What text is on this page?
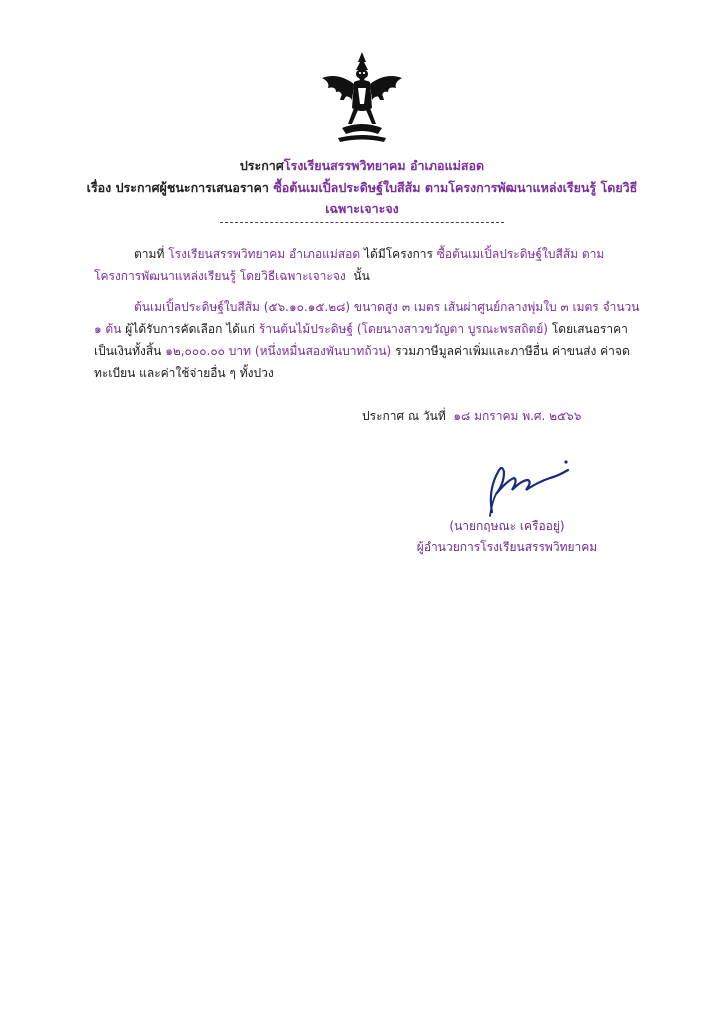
ประกาศโรงเรียนสรรพวิทยาคม อำเภอแม่สอด
เรื่อง ประกาศผู้ชนะการเสนอราคา ซื้อต้นเมเปิ้ลประดิษฐ์ใบสีส้ม ตามโครงการพัฒนาแหล่งเรียนรู้ โดยวิธี
เฉพาะเจาะจง
ตามที่ โรงเรียนสรรพวิทยาคม อำเภอแม่สอด ได้มีโครงการ ซื้อต้นเมเปิ้ลประดิษฐ์ใบสีส้ม ตามโครงการพัฒนาแหล่งเรียนรู้ โดยวิธีเฉพาะเจาะจง นั้น
ต้นเมเปิ้ลประดิษฐ์ใบสีส้ม (๕๖.๑๐.๑๕.๒๘) ขนาดสูง ๓ เมตร เส้นผ่าศูนย์กลางพุ่มใบ ๓ เมตร จำนวน ๑ ต้น ผู้ได้รับการคัดเลือก ได้แก่ ร้านต้นไม้ประดิษฐ์ (โดยนางสาวขวัญตา บูรณะพรสถิตย์) โดยเสนอราคา เป็นเงินทั้งสิ้น ๑๒,๐๐๐.๐๐ บาท (หนึ่งหมื่นสองพันบาทถ้วน) รวมภาษีมูลค่าเพิ่มและภาษีอื่น ค่าขนส่ง ค่าจดทะเบียน และค่าใช้จ่ายอื่น ๆ ทั้งปวง
ประกาศ ณ วันที่ ๑๘ มกราคม พ.ศ. ๒๕๖๖
(นายกฤษณะ เครืออยู่)
ผู้อำนวยการโรงเรียนสรรพวิทยาคม
